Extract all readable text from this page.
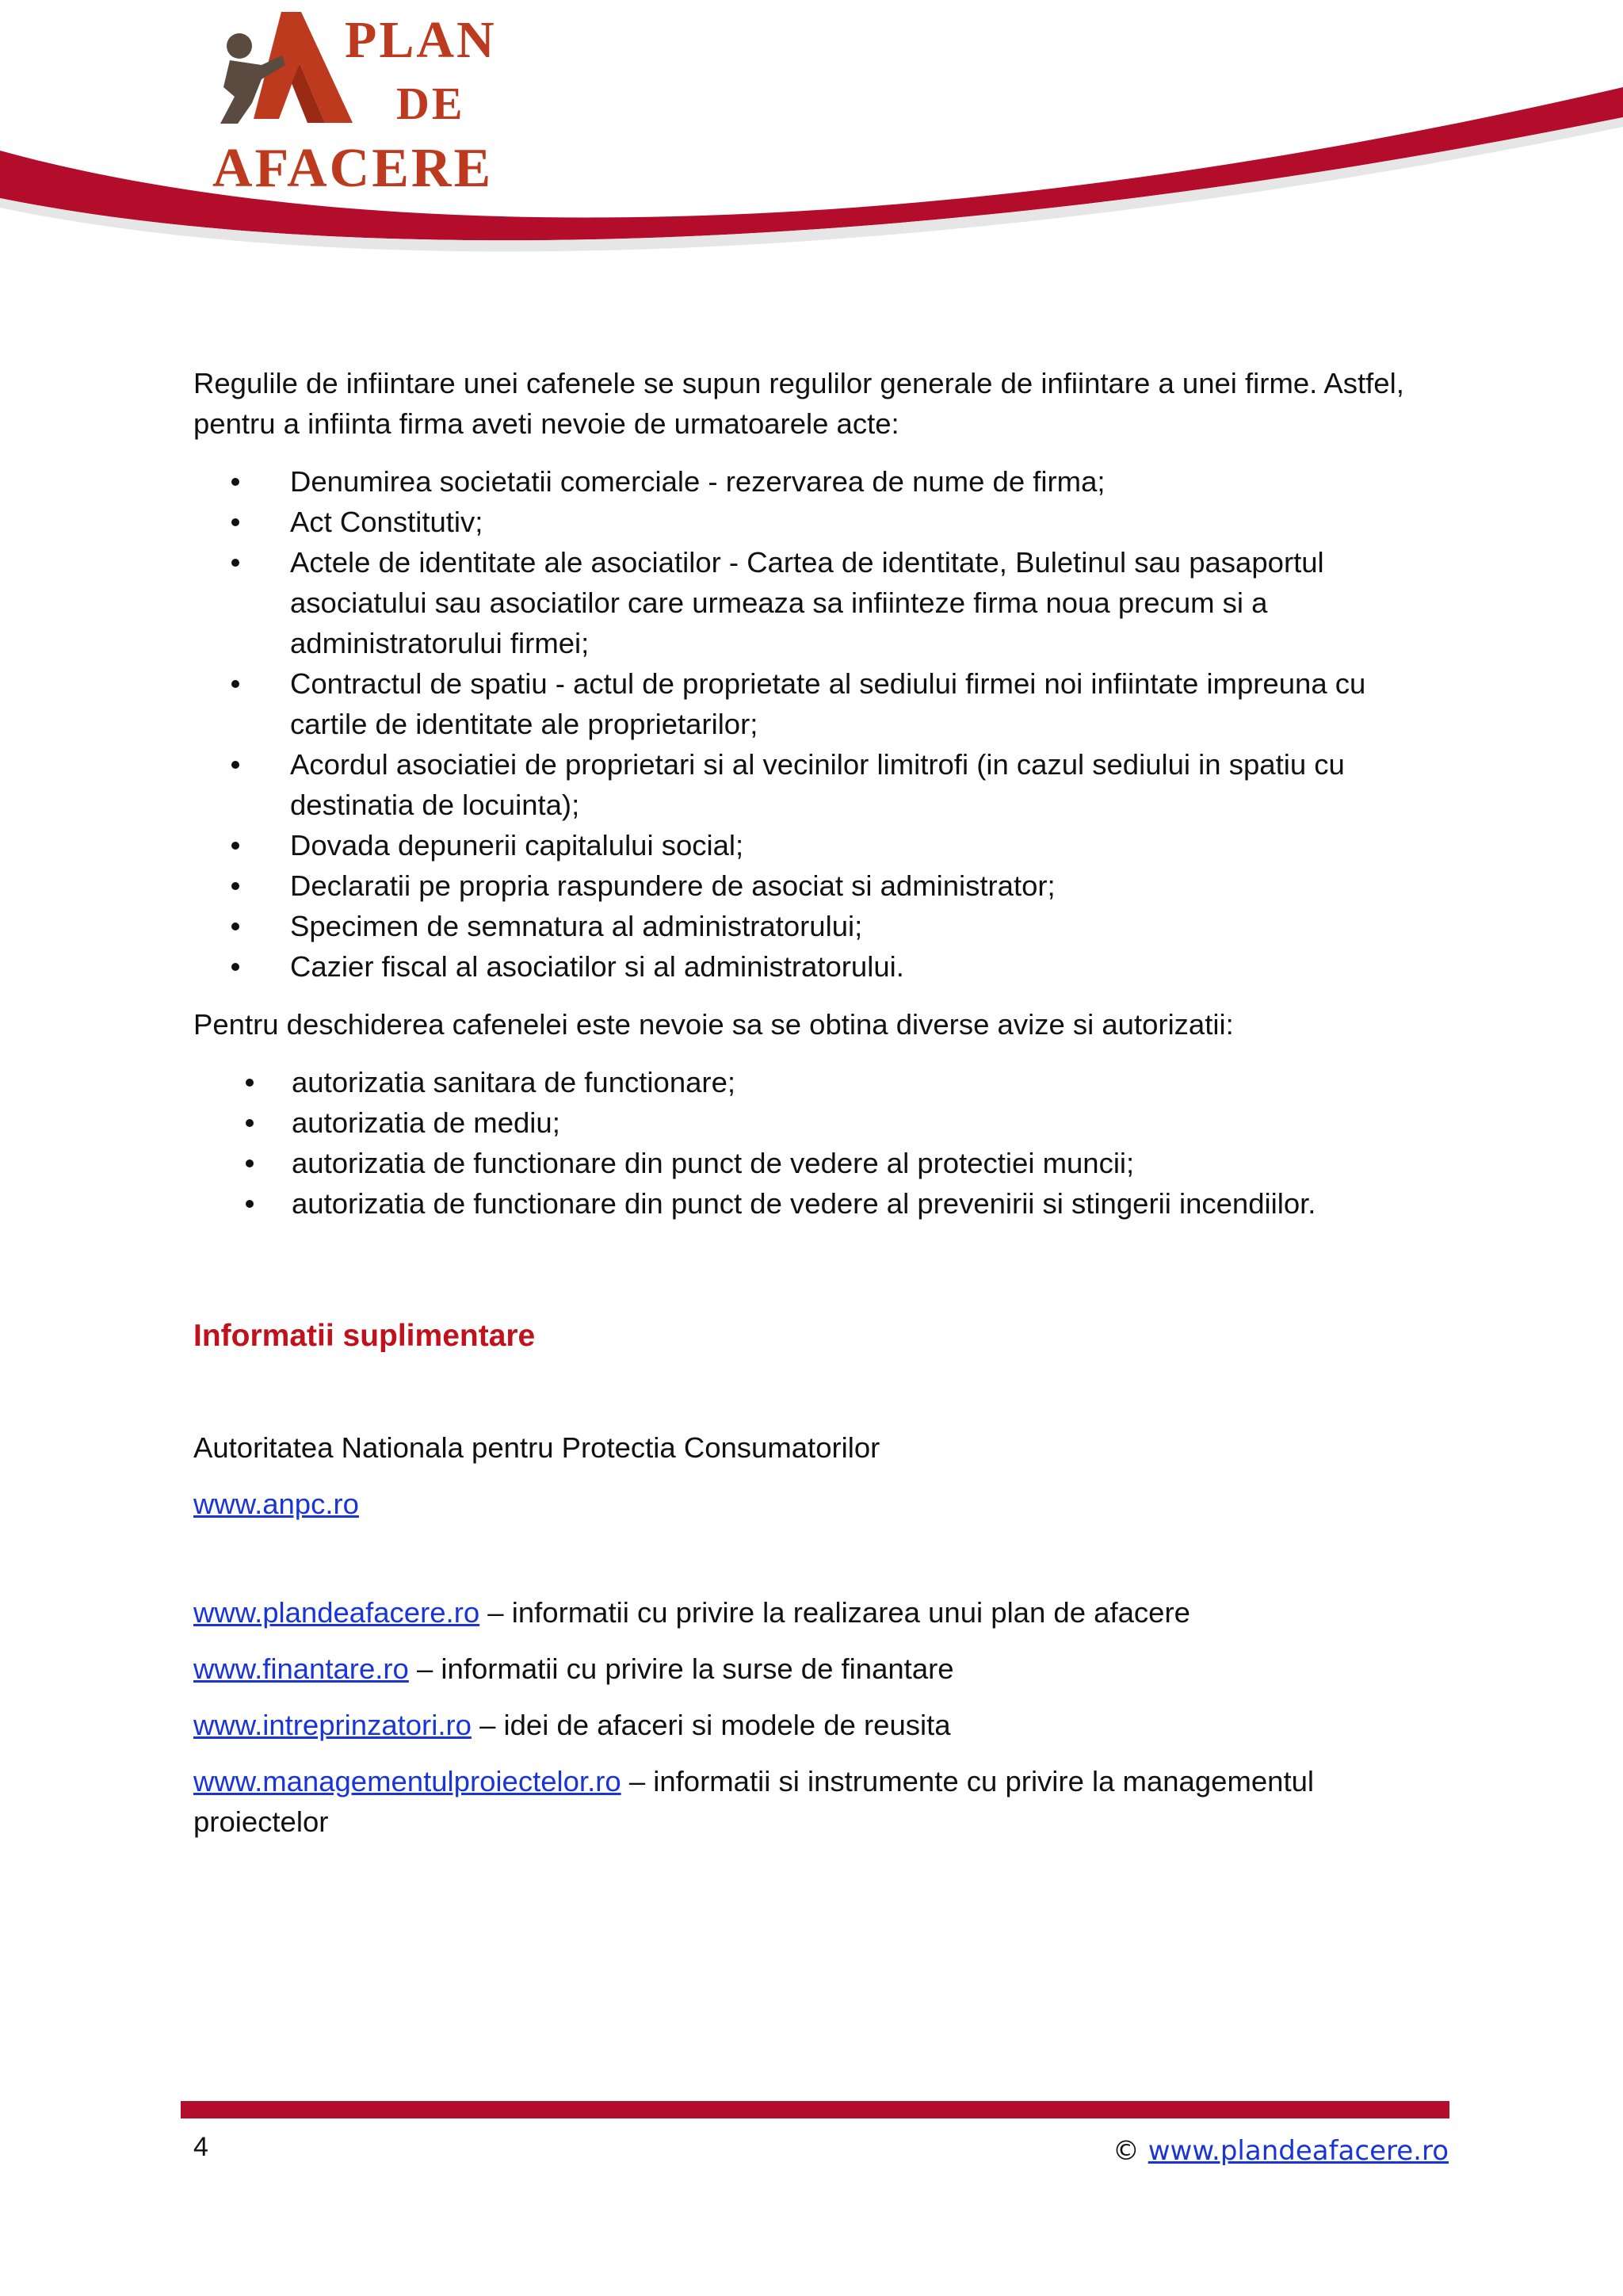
PLAN
DE
AFACERE

Regulile de infiintare unei cafenele se supun regulilor generale de infiintare a unei firme. Astfel, pentru a infiinta firma aveti nevoie de urmatoarele acte:

Denumirea societatii comerciale - rezervarea de nume de firma;
Act Constitutiv;
Actele de identitate ale asociatilor - Cartea de identitate, Buletinul sau pasaportul asociatului sau asociatilor care urmeaza sa infiinteze firma noua precum si a administratorului firmei;
Contractul de spatiu - actul de proprietate al sediului firmei noi infiintate impreuna cu cartile de identitate ale proprietarilor;
Acordul asociatiei de proprietari si al vecinilor limitrofi (in cazul sediului in spatiu cu destinatia de locuinta);
Dovada depunerii capitalului social;
Declaratii pe propria raspundere de asociat si administrator;
Specimen de semnatura al administratorului;
Cazier fiscal al asociatilor si al administratorului.

Pentru deschiderea cafenelei este nevoie sa se obtina diverse avize si autorizatii:

autorizatia sanitara de functionare;
autorizatia de mediu;
autorizatia de functionare din punct de vedere al protectiei muncii;
autorizatia de functionare din punct de vedere al prevenirii si stingerii incendiilor.

Informatii suplimentare

Autoritatea Nationala pentru Protectia Consumatorilor

www.anpc.ro

www.plandeafacere.ro – informatii cu privire la realizarea unui plan de afacere

www.finantare.ro – informatii cu privire la surse de finantare

www.intreprinzatori.ro – idei de afaceri si modele de reusita

www.managementulproiectelor.ro – informatii si instrumente cu privire la managementul proiectelor

4	© www.plandeafacere.ro
